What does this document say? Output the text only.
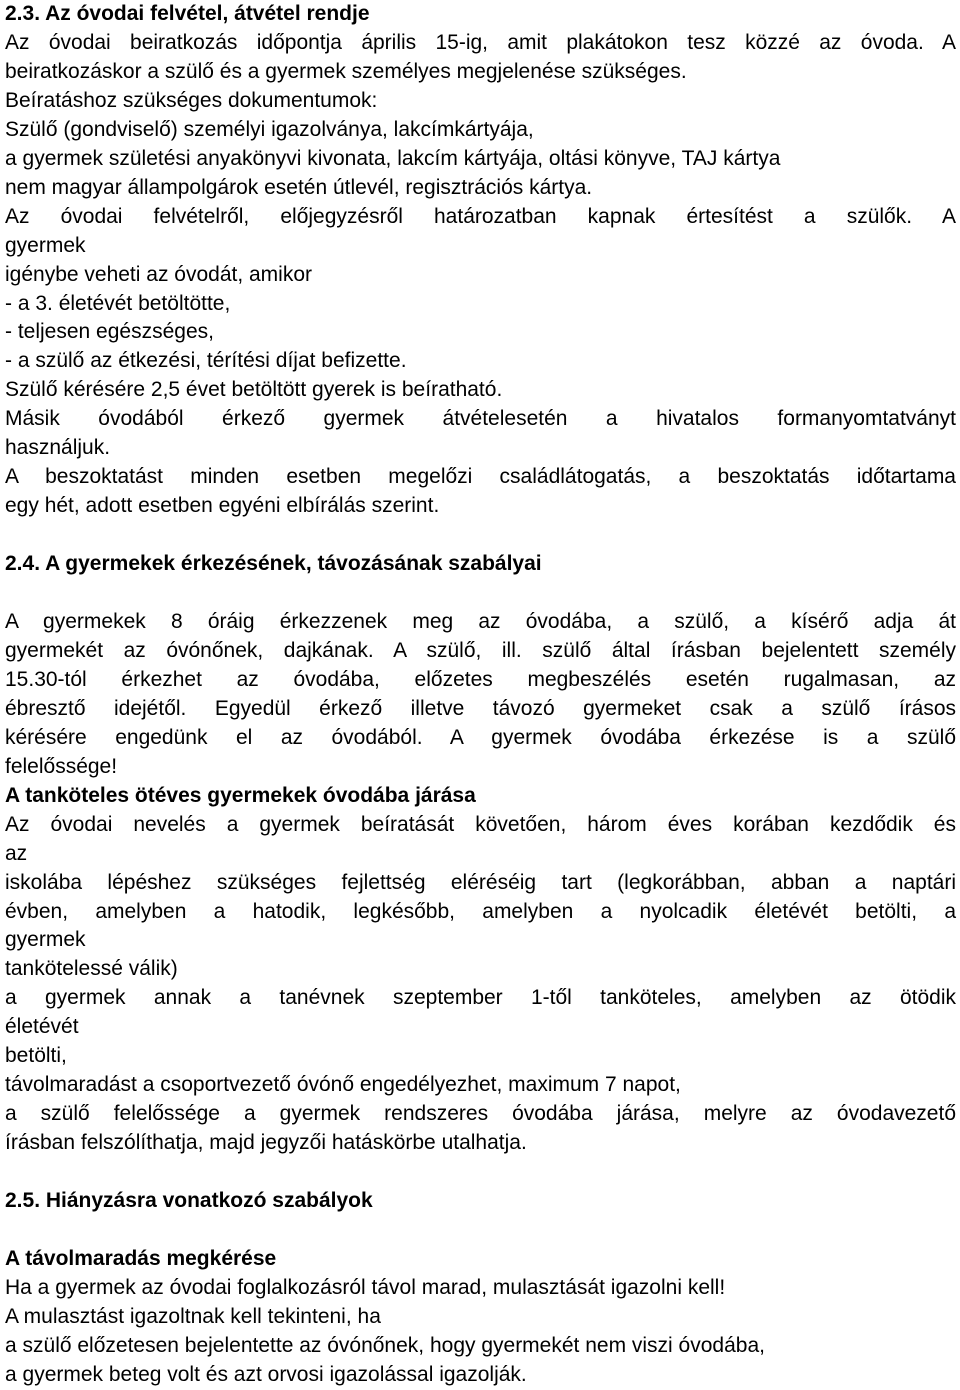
2.3. Az óvodai felvétel, átvétel rendje
Az óvodai beiratkozás időpontja április 15-ig, amit plakátokon tesz közzé az óvoda. A
beiratkozáskor a szülő és a gyermek személyes megjelenése szükséges.
Beíratáshoz szükséges dokumentumok:
Szülő (gondviselő) személyi igazolványa, lakcímkártyája,
a gyermek születési anyakönyvi kivonata, lakcím kártyája, oltási könyve, TAJ kártya
nem magyar állampolgárok esetén útlevél, regisztrációs kártya.
Az óvodai felvételről, előjegyzésről határozatban kapnak értesítést a szülők. A
gyermek
igénybe veheti az óvodát, amikor
- a 3. életévét betöltötte,
- teljesen egészséges,
- a szülő az étkezési, térítési díjat befizette.
Szülő kérésére 2,5 évet betöltött gyerek is beíratható.
Másik óvodából érkező gyermek átvételesetén a hivatalos formanyomtatványt
használjuk.
A beszoktatást minden esetben megelőzi családlátogatás, a beszoktatás időtartama
egy hét, adott esetben egyéni elbírálás szerint.
2.4. A gyermekek érkezésének, távozásának szabályai
A gyermekek 8 óráig érkezzenek meg az óvodába, a szülő, a kísérő adja át
gyermekét az óvónőnek, dajkának. A szülő, ill. szülő által írásban bejelentett személy
15.30-tól érkezhet az óvodába, előzetes megbeszélés esetén rugalmasan, az
ébresztő idejétől. Egyedül érkező illetve távozó gyermeket csak a szülő írásos
kérésére engedünk el az óvodából. A gyermek óvodába érkezése is a szülő
felelőssége!
A tanköteles ötéves gyermekek óvodába járása
Az óvodai nevelés a gyermek beíratását követően, három éves korában kezdődik és
az
iskolába lépéshez szükséges fejlettség eléréséig tart (legkorábban, abban a naptári
évben, amelyben a hatodik, legkésőbb, amelyben a nyolcadik életévét betölti, a
gyermek
tankötelessé válik)
a gyermek annak a tanévnek szeptember 1-től tanköteles, amelyben az ötödik
életévét
betölti,
távolmaradást a csoportvezető óvónő engedélyezhet, maximum 7 napot,
a szülő felelőssége a gyermek rendszeres óvodába járása, melyre az óvodavezető
írásban felszólíthatja, majd jegyzői hatáskörbe utalhatja.
2.5. Hiányzásra vonatkozó szabályok
A távolmaradás megkérése
Ha a gyermek az óvodai foglalkozásról távol marad, mulasztását igazolni kell!
A mulasztást igazoltnak kell tekinteni, ha
a szülő előzetesen bejelentette az óvónőnek, hogy gyermekét nem viszi óvodába,
a gyermek beteg volt és azt orvosi igazolással igazolják.
